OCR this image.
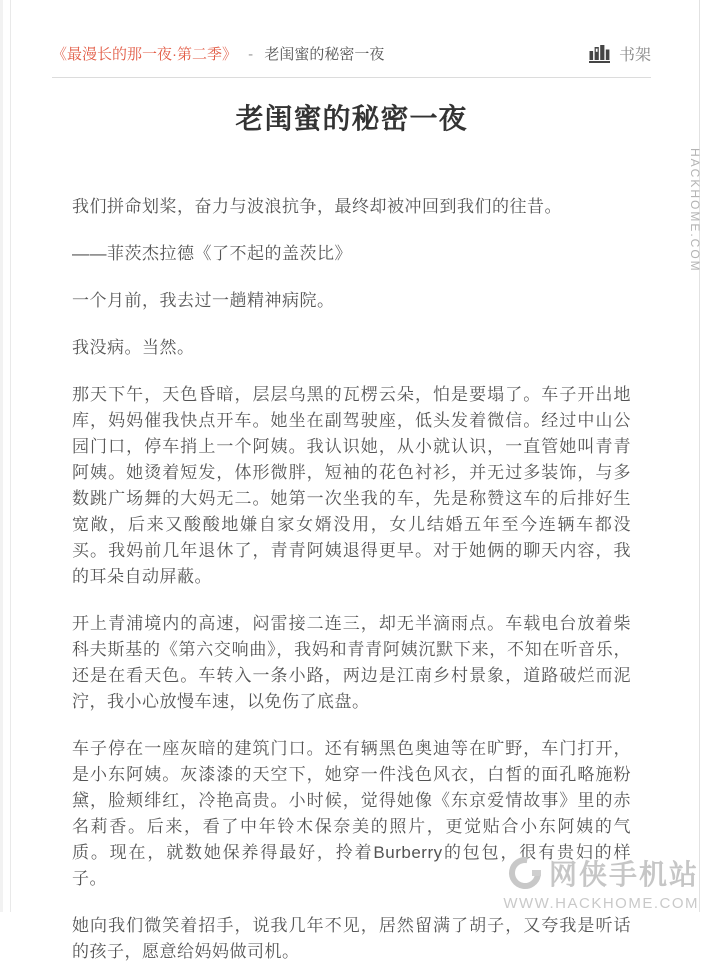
《最漫长的那一夜·第二季》 - 老闺蜜的秘密一夜	书架
老闺蜜的秘密一夜

我们拼命划桨，奋力与波浪抗争，最终却被冲回到我们的往昔。

——菲茨杰拉德《了不起的盖茨比》

一个月前，我去过一趟精神病院。

我没病。当然。

那天下午，天色昏暗，层层乌黑的瓦楞云朵，怕是要塌了。车子开出地库，妈妈催我快点开车。她坐在副驾驶座，低头发着微信。经过中山公园门口，停车捎上一个阿姨。我认识她，从小就认识，一直管她叫青青阿姨。她烫着短发，体形微胖，短袖的花色衬衫，并无过多装饰，与多数跳广场舞的大妈无二。她第一次坐我的车，先是称赞这车的后排好生宽敞，后来又酸酸地嫌自家女婿没用，女儿结婚五年至今连辆车都没买。我妈前几年退休了，青青阿姨退得更早。对于她俩的聊天内容，我的耳朵自动屏蔽。

开上青浦境内的高速，闷雷接二连三，却无半滴雨点。车载电台放着柴科夫斯基的《第六交响曲》，我妈和青青阿姨沉默下来，不知在听音乐，还是在看天色。车转入一条小路，两边是江南乡村景象，道路破烂而泥泞，我小心放慢车速，以免伤了底盘。

车子停在一座灰暗的建筑门口。还有辆黑色奥迪等在旷野，车门打开，是小东阿姨。灰漆漆的天空下，她穿一件浅色风衣，白皙的面孔略施粉黛，脸颊绯红，冷艳高贵。小时候，觉得她像《东京爱情故事》里的赤名莉香。后来，看了中年铃木保奈美的照片，更觉贴合小东阿姨的气质。现在，就数她保养得最好，拎着Burberry的包包，很有贵妇的样子。

她向我们微笑着招手，说我几年不见，居然留满了胡子，又夸我是听话的孩子，愿意给妈妈做司机。

HACKHOME.COM
网侠手机站
WWW.HACKHOME.COM
